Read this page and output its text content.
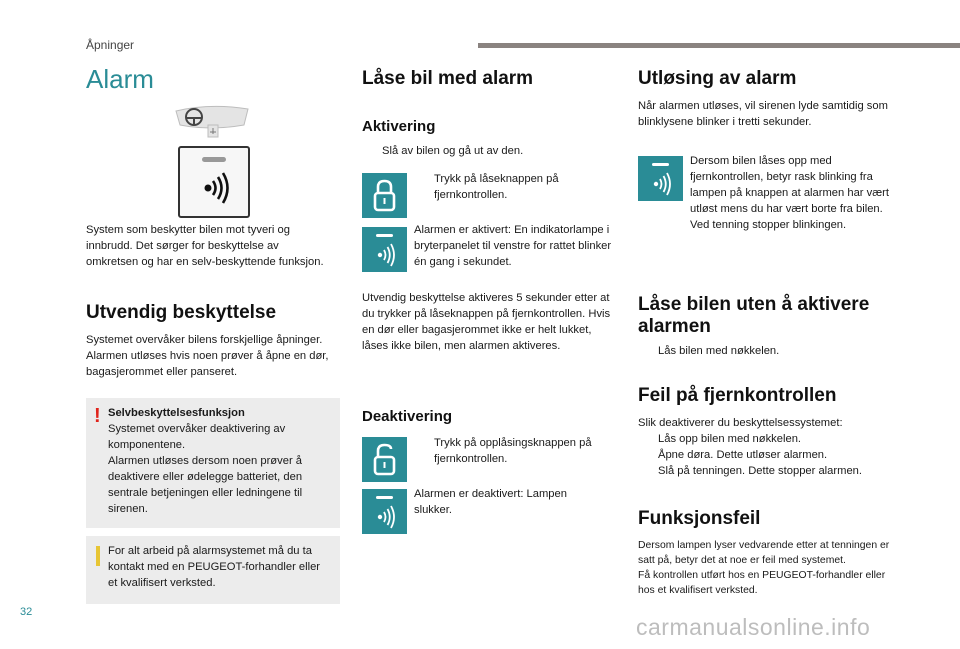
Åpninger
Alarm
System som beskytter bilen mot tyveri og innbrudd. Det sørger for beskyttelse av omkretsen og har en selv-beskyttende funksjon.
Utvendig beskyttelse
Systemet overvåker bilens forskjellige åpninger. Alarmen utløses hvis noen prøver å åpne en dør, bagasjerommet eller panseret.
! Selvbeskyttelsesfunksjon
Systemet overvåker deaktivering av komponentene.
Alarmen utløses dersom noen prøver å deaktivere eller ødelegge batteriet, den sentrale betjeningen eller ledningene til sirenen.
For alt arbeid på alarmsystemet må du ta kontakt med en PEUGEOT-forhandler eller et kvalifisert verksted.
Låse bil med alarm
Aktivering
Slå av bilen og gå ut av den.
Trykk på låseknappen på fjernkontrollen.
Alarmen er aktivert: En indikatorlampe i bryterpanelet til venstre for rattet blinker én gang i sekundet.
Utvendig beskyttelse aktiveres 5 sekunder etter at du trykker på låseknappen på fjernkontrollen. Hvis en dør eller bagasjerommet ikke er helt lukket, låses ikke bilen, men alarmen aktiveres.
Deaktivering
Trykk på opplåsingsknappen på fjernkontrollen.
Alarmen er deaktivert: Lampen slukker.
Utløsing av alarm
Når alarmen utløses, vil sirenen lyde samtidig som blinklysene blinker i tretti sekunder.
Dersom bilen låses opp med fjernkontrollen, betyr rask blinking fra lampen på knappen at alarmen har vært utløst mens du har vært borte fra bilen. Ved tenning stopper blinkingen.
Låse bilen uten å aktivere alarmen
Lås bilen med nøkkelen.
Feil på fjernkontrollen
Slik deaktiverer du beskyttelsessystemet:
Lås opp bilen med nøkkelen.
Åpne døra. Dette utløser alarmen.
Slå på tenningen. Dette stopper alarmen.
Funksjonsfeil
Dersom lampen lyser vedvarende etter at tenningen er satt på, betyr det at noe er feil med systemet.
Få kontrollen utført hos en PEUGEOT-forhandler eller hos et kvalifisert verksted.
32
carmanualsonline.info
